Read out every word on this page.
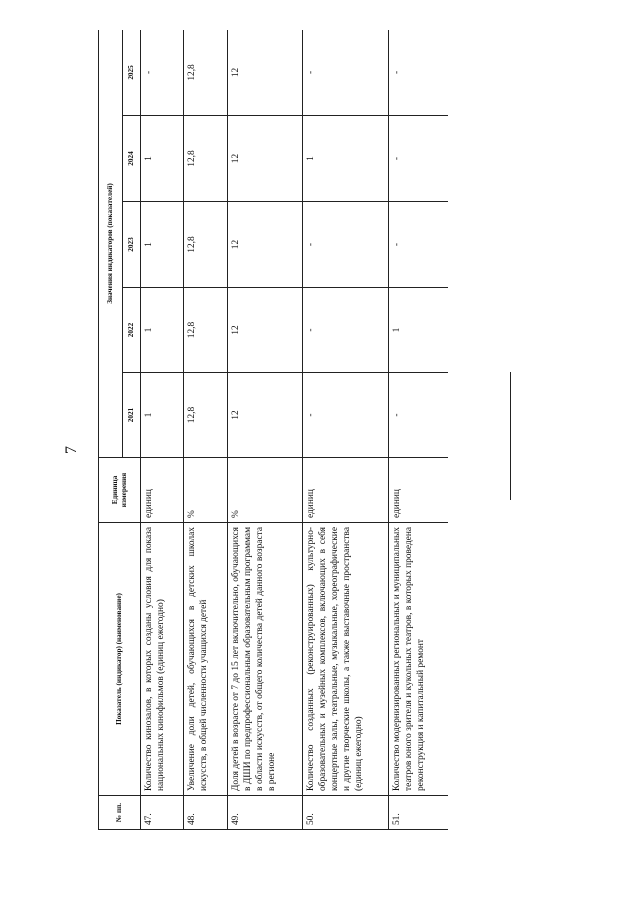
7
№ пп.	Показатель (индикатор) (наименование)	Единица измерения	Значения индикаторов (показателей)				
			2021	2022	2023	2024	2025
47.	Количество кинозалов, в которых созданы условия для показа национальных кинофильмов (единиц ежегодно)	единиц	1	1	1	1	-
48.	Увеличение доли детей, обучающихся в детских школах искусств, в общей численности учащихся детей	%	12,8	12,8	12,8	12,8	12,8
49.	Доля детей в возрасте от 7 до 15 лет включительно, обучающихся в ДШИ по предпрофессиональным образовательным программам в области искусств, от общего количества детей данного возраста в регионе	%	12	12	12	12	12
50.	Количество созданных (реконструированных) культурно-образовательных и музейных комплексов, включающих в себя концертные залы, театральные, музыкальные, хореографические и другие творческие школы, а также выставочные пространства (единиц ежегодно)	единиц	-	-	-	1	-
51.	Количество модернизированных региональных и муниципальных театров юного зрителя и кукольных театров, в которых проведена реконструкция и капитальный ремонт	единиц	-	1	-	-	-
